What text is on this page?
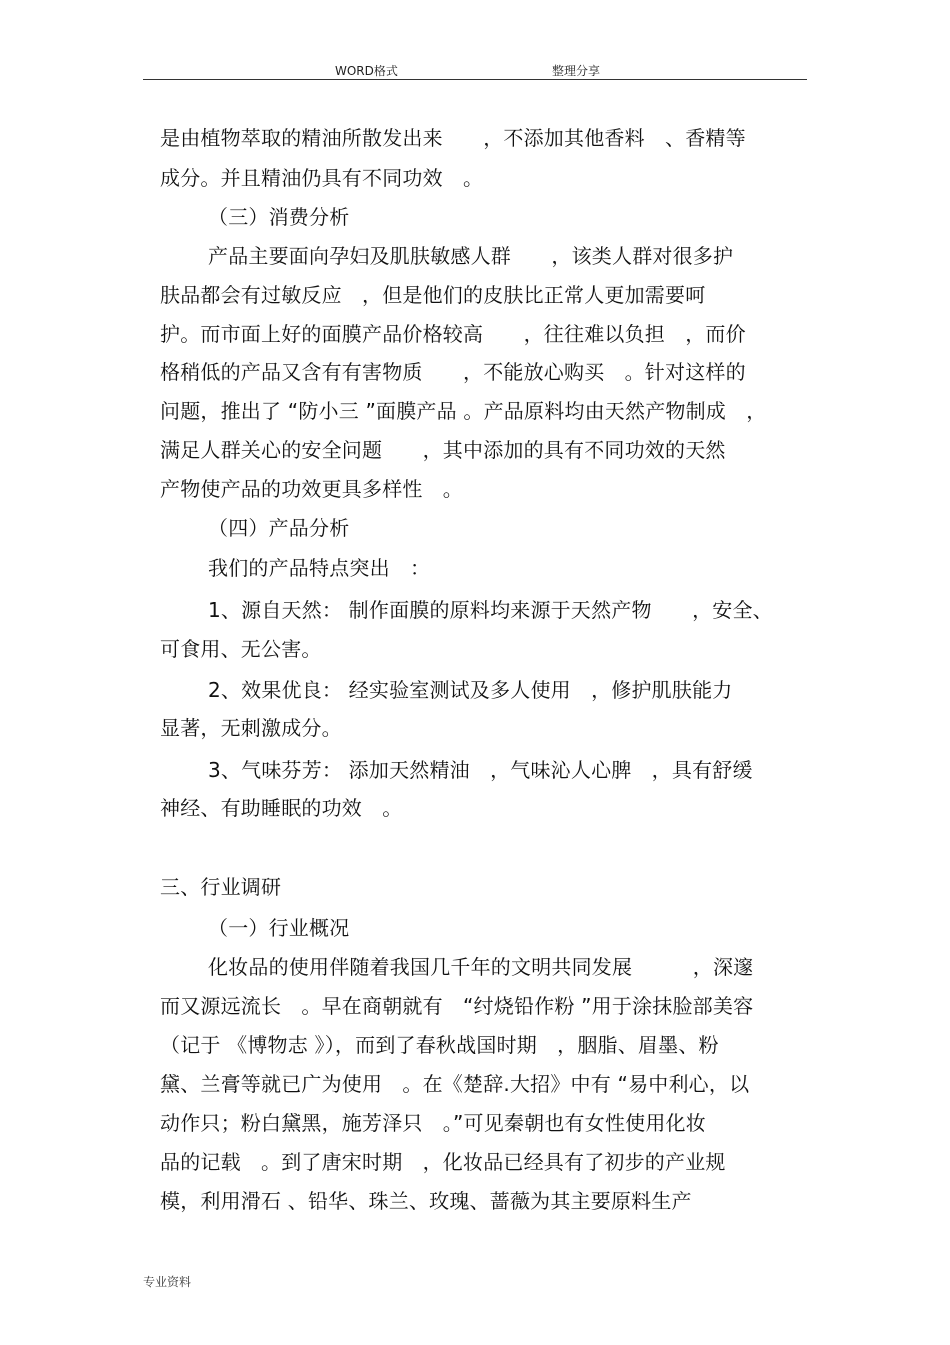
WORD格式	整理分享
是由植物萃取的精油所散发出来　　，不添加其他香料　、香精等
成分。并且精油仍具有不同功效　。
（三）消费分析
产品主要面向孕妇及肌肤敏感人群　　，该类人群对很多护
肤品都会有过敏反应　，但是他们的皮肤比正常人更加需要呵
护。而市面上好的面膜产品价格较高　　，往往难以负担　，而价
格稍低的产品又含有有害物质　　，不能放心购买　。针对这样的
问题，推出了 “防小三 ”面膜产品 。产品原料均由天然产物制成　，
满足人群关心的安全问题　　，其中添加的具有不同功效的天然
产物使产品的功效更具多样性　。
（四）产品分析
我们的产品特点突出　：
1、源自天然： 制作面膜的原料均来源于天然产物　　，安全、
可食用、无公害。
2、效果优良： 经实验室测试及多人使用　，修护肌肤能力
显著，无刺激成分。
3、气味芬芳： 添加天然精油　，气味沁人心脾　，具有舒缓
神经、有助睡眠的功效　。
三、行业调研
（一）行业概况
化妆品的使用伴随着我国几千年的文明共同发展　　　，深邃
而又源远流长　。早在商朝就有　“纣烧铅作粉 ”用于涂抹脸部美容
（记于 《博物志 》），而到了春秋战国时期　，胭脂、眉墨、粉
黛、兰膏等就已广为使用　。在《楚辞.大招》中有 “易中利心，以
动作只；粉白黛黑，施芳泽只　。”可见秦朝也有女性使用化妆
品的记载　。到了唐宋时期　，化妆品已经具有了初步的产业规
模，利用滑石 、铅华、珠兰、玫瑰、蔷薇为其主要原料生产
专业资料
